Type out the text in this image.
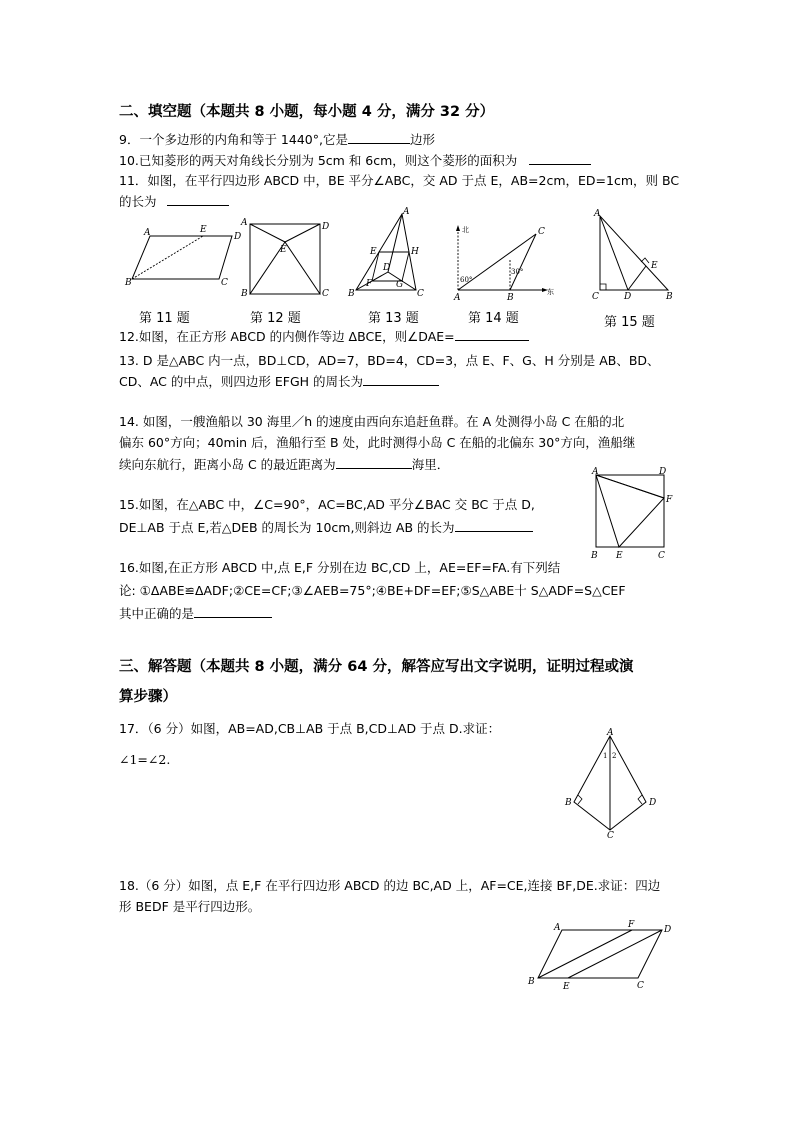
二、填空题（本题共 8 小题，每小题 4 分，满分 32 分）
9．一个多边形的内角和等于 1440°,它是	边形
10.已知菱形的两天对角线长分别为 5cm 和 6cm，则这个菱形的面积为
11．如图，在平行四边形 ABCD 中，BE 平分∠ABC，交 AD 于点 E，AB=2cm，ED=1cm，则 BC
的长为
A	E
D
B	C
A	D
E
B	C
A
E	H
D
F	G
B	C
北	C
60°
30°
A	B
东
A
E
B
C	D
第 11 题	第 12 题	第 13 题	第 14 题	第 15 题
12.如图，在正方形 ABCD 的内侧作等边 ΔBCE，则∠DAE=
13. D 是△ABC 内一点，BD⊥CD，AD=7，BD=4，CD=3，点 E、F、G、H 分别是 AB、BD、
CD、AC 的中点，则四边形 EFGH 的周长为
14. 如图，一艘渔船以 30 海里／h 的速度由西向东追赶鱼群。在 A 处测得小岛 C 在船的北
偏东 60°方向；40min 后，渔船行至 B 处，此时测得小岛 C 在船的北偏东 30°方向，渔船继
续向东航行，距离小岛 C 的最近距离为	海里．	A	D
F
B E	C
15.如图，在△ABC 中，∠C=90°，AC=BC,AD 平分∠BAC 交 BC 于点 D,
DE⊥AB 于点 E,若△DEB 的周长为 10cm,则斜边 AB 的长为
16.如图,在正方形 ABCD 中,点 E,F 分别在边 BC,CD 上，AE=EF=FA.有下列结
论: ①ΔABE≌ΔADF;②CE=CF;③∠AEB=75°;④BE+DF=EF;⑤S△ABE十 S△ADF=S△CEF
其中正确的是
三、解答题（本题共 8 小题，满分 64 分，解答应写出文字说明，证明过程或演
算步骤）
17．（6 分）如图，AB=AD,CB⊥AB 于点 B,CD⊥AD 于点 D.求证：
∠1=∠2.
A
1 2
B	D
C
18.（6 分）如图，点 E,F 在平行四边形 ABCD 的边 BC,AD 上，AF=CE,连接 BF,DE.求证：四边
形 BEDF 是平行四边形。
A	F	D
B	E	C
